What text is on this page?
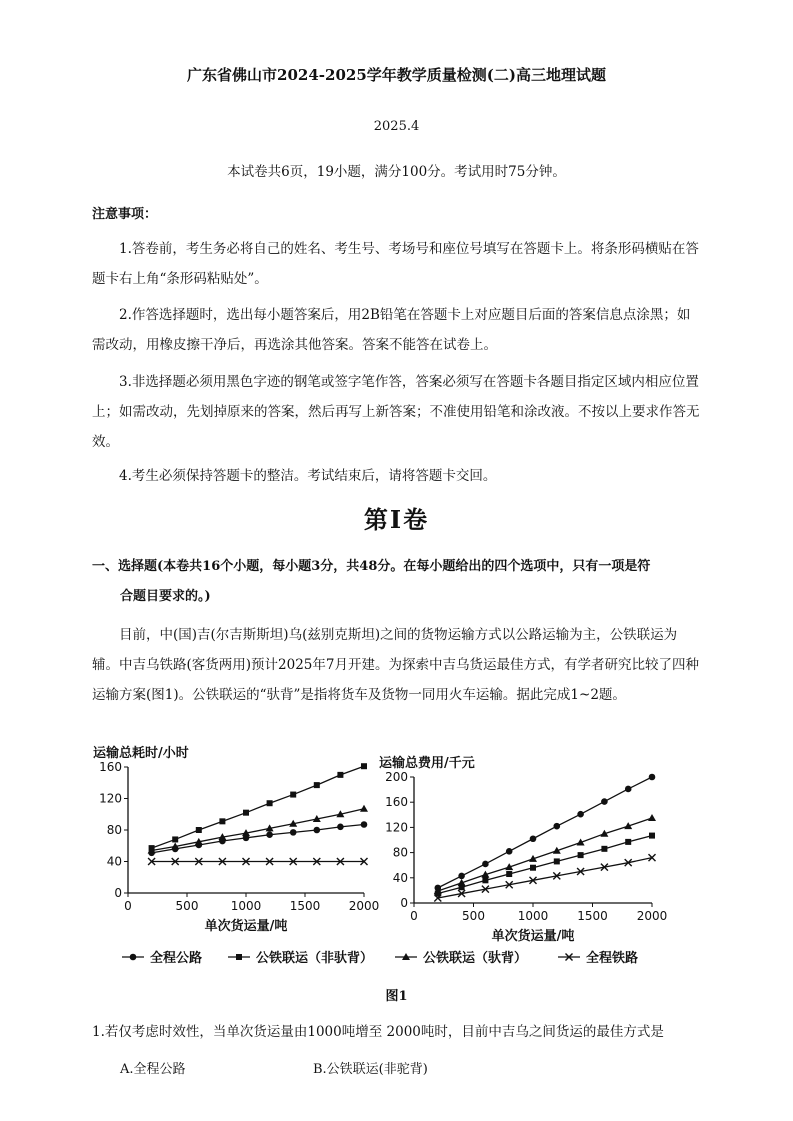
广东省佛山市2024-2025学年教学质量检测(二)高三地理试题
2025.4
本试卷共6页，19小题，满分100分。考试用时75分钟。
注意事项：

1.答卷前，考生务必将自己的姓名、考生号、考场号和座位号填写在答题卡上。将条形码横贴在答题卡右上角“条形码粘贴处”。

2.作答选择题时，选出每小题答案后，用2B铅笔在答题卡上对应题目后面的答案信息点涂黑；如需改动，用橡皮擦干净后，再选涂其他答案。答案不能答在试卷上。

3.非选择题必须用黑色字迹的钢笔或签字笔作答，答案必须写在答题卡各题目指定区域内相应位置上；如需改动，先划掉原来的答案，然后再写上新答案；不准使用铅笔和涂改液。不按以上要求作答无效。

4.考生必须保持答题卡的整洁。考试结束后，请将答题卡交回。

第Ⅰ卷
一、选择题(本卷共16个小题，每小题3分，共48分。在每小题给出的四个选项中，只有一项是符
合题目要求的。)

目前，中(国)吉(尔吉斯斯坦)乌(兹别克斯坦)之间的货物运输方式以公路运输为主，公铁联运为辅。中吉乌铁路(客货两用)预计2025年7月开建。为探索中吉乌货运最佳方式，有学者研究比较了四种运输方案(图1)。公铁联运的“驮背”是指将货车及货物一同用火车运输。据此完成1~2题。

运输总耗时/小时
0
40
80
120
160
0	500	1000 1500 2000
单次货运量/吨
运输总费用/千元
0
40
80
120
160
200
0	500	1000 1500 2000
单次货运量/吨
全程公路	公铁联运（非驮背）	公铁联运（驮背）	全程铁路
图1
1.若仅考虑时效性，当单次货运量由1000吨增至 2000吨时，目前中吉乌之间货运的最佳方式是
A.全程公路	B.公铁联运(非驼背)
